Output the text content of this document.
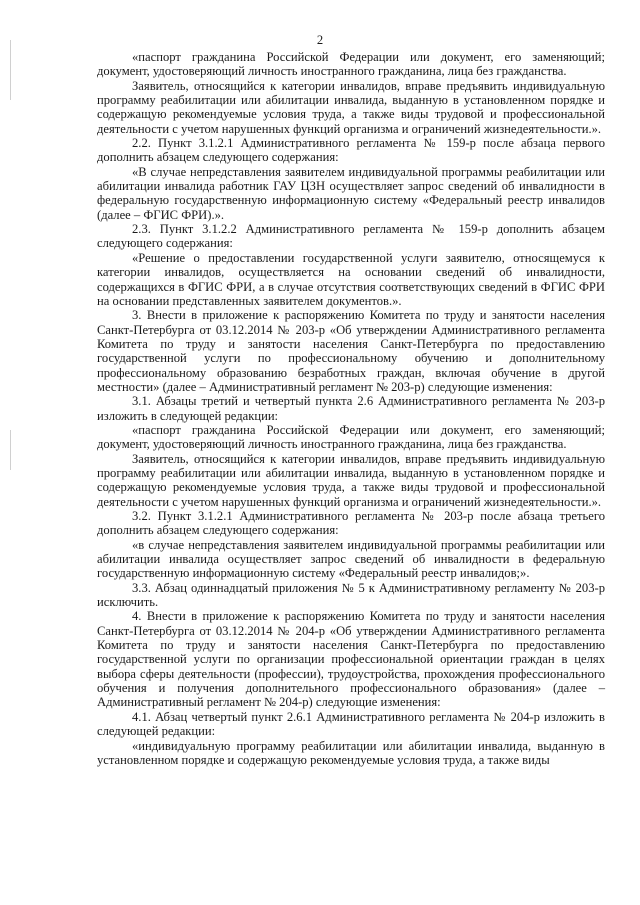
2

«паспорт гражданина Российской Федерации или документ, его заменяющий; документ, удостоверяющий личность иностранного гражданина, лица без гражданства.

Заявитель, относящийся к категории инвалидов, вправе предъявить индивидуальную программу реабилитации или абилитации инвалида, выданную в установленном порядке и содержащую рекомендуемые условия труда, а также виды трудовой и профессиональной деятельности с учетом нарушенных функций организма и ограничений жизнедеятельности.».

2.2. Пункт 3.1.2.1 Административного регламента № 159-р после абзаца первого дополнить абзацем следующего содержания:

«В случае непредставления заявителем индивидуальной программы реабилитации или абилитации инвалида работник ГАУ ЦЗН осуществляет запрос сведений об инвалидности в федеральную государственную информационную систему «Федеральный реестр инвалидов (далее – ФГИС ФРИ).».

2.3. Пункт 3.1.2.2 Административного регламента № 159-р дополнить абзацем следующего содержания:

«Решение о предоставлении государственной услуги заявителю, относящемуся к категории инвалидов, осуществляется на основании сведений об инвалидности, содержащихся в ФГИС ФРИ, а в случае отсутствия соответствующих сведений в ФГИС ФРИ на основании представленных заявителем документов.».

3. Внести в приложение к распоряжению Комитета по труду и занятости населения Санкт-Петербурга от 03.12.2014 № 203-р «Об утверждении Административного регламента Комитета по труду и занятости населения Санкт-Петербурга по предоставлению государственной услуги по профессиональному обучению и дополнительному профессиональному образованию безработных граждан, включая обучение в другой местности» (далее – Административный регламент № 203-р) следующие изменения:

3.1. Абзацы третий и четвертый пункта 2.6 Административного регламента № 203-р изложить в следующей редакции:

«паспорт гражданина Российской Федерации или документ, его заменяющий; документ, удостоверяющий личность иностранного гражданина, лица без гражданства.

Заявитель, относящийся к категории инвалидов, вправе предъявить индивидуальную программу реабилитации или абилитации инвалида, выданную в установленном порядке и содержащую рекомендуемые условия труда, а также виды трудовой и профессиональной деятельности с учетом нарушенных функций организма и ограничений жизнедеятельности.».

3.2. Пункт 3.1.2.1 Административного регламента № 203-р после абзаца третьего дополнить абзацем следующего содержания:

«в случае непредставления заявителем индивидуальной программы реабилитации или абилитации инвалида осуществляет запрос сведений об инвалидности в федеральную государственную информационную систему «Федеральный реестр инвалидов;».

3.3. Абзац одиннадцатый приложения № 5 к Административному регламенту № 203-р исключить.

4. Внести в приложение к распоряжению Комитета по труду и занятости населения Санкт-Петербурга от 03.12.2014 № 204-р «Об утверждении Административного регламента Комитета по труду и занятости населения Санкт-Петербурга по предоставлению государственной услуги по организации профессиональной ориентации граждан в целях выбора сферы деятельности (профессии), трудоустройства, прохождения профессионального обучения и получения дополнительного профессионального образования» (далее – Административный регламент № 204-р) следующие изменения:

4.1. Абзац четвертый пункт 2.6.1 Административного регламента № 204-р изложить в следующей редакции:

«индивидуальную программу реабилитации или абилитации инвалида, выданную в установленном порядке и содержащую рекомендуемые условия труда, а также виды
